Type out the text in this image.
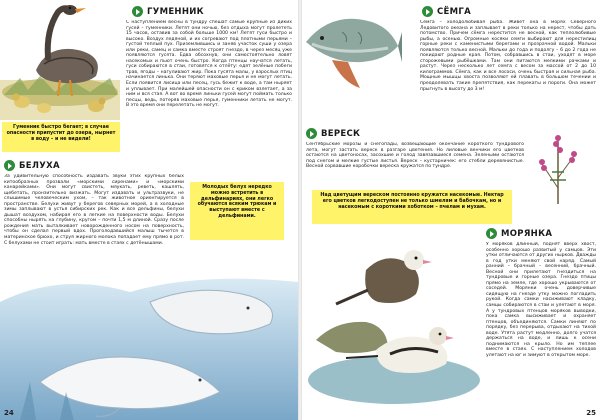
ГУМЕННИК
С наступлением весны в тундру спешат самые крупные из диких гусей – гуменники. Летят они ночью, без отдыха могут пролететь 15 часов, оставив за собой больше 1000 км! Летят гуси быстро и высоко. Воздух ледяной, и их согревают под плотными перьями – густой теплый пух. Приземлившись и заняв участок суши у озера или реки, самец и самка вместе строят гнездо, в через месяц уже появляются гусята. Едва обсохнув, они самостоятельно ловят насекомых и пьют очень быстро. Когда птенцы научатся летать, гуси собираются в стаи, готовятся к отлёту: едят зелёные побеги трав, ягоды – нагуливают жир. Пока гусята малы, у взрослых птиц начинается линька. Они теряют маховые перья и не могут летать. Если появится лисица или песец, гусь бежит к воде, а там ныряет и уплывает. При малейшей опасности он с криком взлетает, а за ним и вся стая. А вот во время линьки гусей могут поймать только песцы, ведь, потеряв маховые перья, гуменники летать не могут. В это время они перелетать не могут.
Гуменник быстро бегает; в случае опасности припустит до озера, нырнет в воду – и не видели!
БЕЛУХА
За удивительную способность издавать звуки этих крупных белых китообразных прозвали «морскими сиренами» и «морскими канарейками». Они могут свистеть, мяукать, реветь, кашлять, щебетать, пронзительно визжать. Могут издавать и ультразвуки, не слышимые человеческим ухом, – так животное ориентируется в пространстве. Белухи живут у берегов северных морей, а в холодные зимы заплывают в устья сибирских рек. Как и все дельфины, белухи дышат воздухом, набирая его в легкие на поверхности воды. Белухи способны нырять на глубину, кругом – почти 1,5 м длиной. Сразу после рождения мать выталкивает новорожденного носом на поверхность, чтобы он сделал первый вдох. Проголодавшийся малыш тычется в материнское брюхо, и струя жирного молока попадает ему прямо в рот. С белухами не стоит играть: мать вместе в стаях с детёнышами.
Молодых белух нередко можно встретить в дельфинариях, они легко обучаются всяким трюкам и выступают вместе с дельфинами.
24
СЁМГА
Сёмга – холодолюбивая рыба. Живет она в морях Северного Ледовитого океана и заплывает в реки только на нерест, чтобы дать потомство. Причем сёмга нерестится не весной, как теплолюбивые рыбы, а осенью. Огромные косяки семги выбирают для нерестилищ горные реки с каменистыми берегами и прозрачной водой. Мальки появляются только весной. Мальки до года и подолгу – 6 до 2 года не покидают родные края. Потом, собравшись в стаи, уходят в море сторожевыми рыбёшками. Там они питаются мелкими рачками и растут. Через несколько лет семга с весом за массой от 2 до 10 килограммов. Сёмга, как и все лососи, очень быстрая и сильная рыба. Мощные мышцы хвоста позволяют ей плавать в большом течении и преодолевать такие препятствия, как перекаты и пороги. Она может прыгнуть в высоту до 3 м!
ВЕРЕСК
Сентябрьские морозы и снегопады, возвещающие окончание короткого тундрового лета, могут застать вереск в разгаре цветения. Но лиловые венчики его цветков остаются на цветоносах, засохшие и голод завязавшиеся семена. Зелеными остаются под снегом и мелкие густые листья. Вереск – кустарничек: его стебли деревянистые. Весной сорвавшие коробочки вереска кружатся по тундре.
Над цветущим вереском постоянно кружатся насекомые. Нектар его цветков легкодоступен не только шмелям и бабочкам, но и насекомым с короткими хоботком – пчелам и мухам.
МОРЯНКА
У моряков длинный, поднят вверх хвост, особенно хорошо развитый у самцов. Эти утки отличаются от других нырков. Дважды в год утки меняют свой наряд. Самый ранний – брачный – весенний, брачный. Весной они прилетают гнездиться на тундровые и горные озера. Гнездо птицы прямо на земле, где хорошо укрываются от соседей. Морянки очень доверчивые сидящую на гнезде утку можно погладить рукой. Когда самки насиживают кладку, самцы собираются в стаи и улетают в моря. А у тундровых птенцов моряков выводки, пока самка высиживает и охраняет птенцов, объединяются. Самки линяют по порядку, без перерыва, отдыхают на тихой воде. Утята растут медленно, долго учатся держаться на воде, и лишь к осени поднимаются на крыло. Но им теплее вместе в стаях. С наступлением холодов улетают на юг и зимуют в открытом море.
25
